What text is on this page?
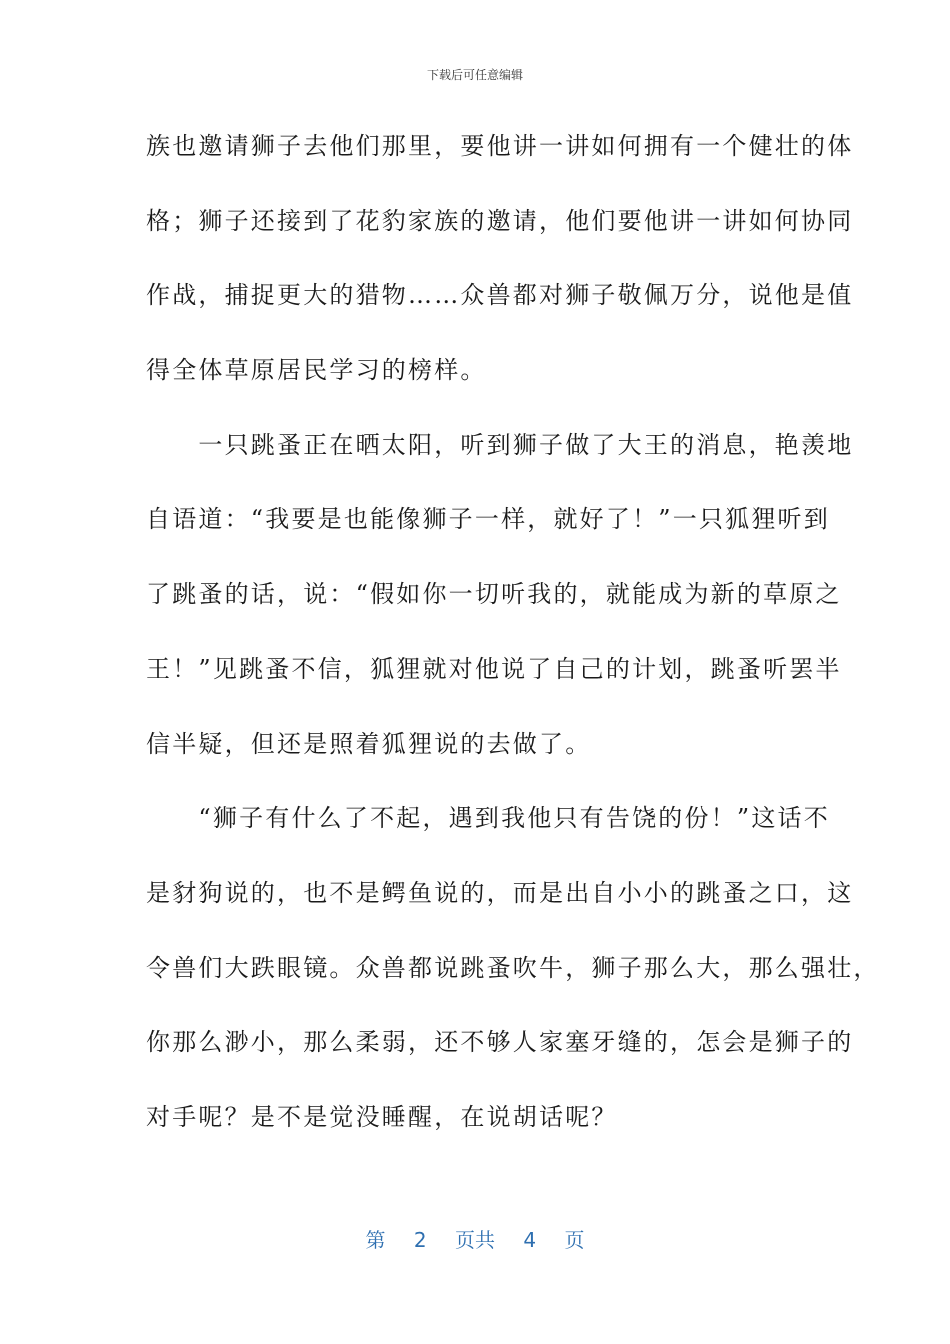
下载后可任意编辑
族也邀请狮子去他们那里，要他讲一讲如何拥有一个健壮的体
格；狮子还接到了花豹家族的邀请，他们要他讲一讲如何协同
作战，捕捉更大的猎物……众兽都对狮子敬佩万分，说他是值
得全体草原居民学习的榜样。
　　一只跳蚤正在晒太阳，听到狮子做了大王的消息，艳羡地
自语道：“我要是也能像狮子一样，就好了！”一只狐狸听到
了跳蚤的话，说：“假如你一切听我的，就能成为新的草原之
王！”见跳蚤不信，狐狸就对他说了自己的计划，跳蚤听罢半
信半疑，但还是照着狐狸说的去做了。
　　“狮子有什么了不起，遇到我他只有告饶的份！”这话不
是豺狗说的，也不是鳄鱼说的，而是出自小小的跳蚤之口，这
令兽们大跌眼镜。众兽都说跳蚤吹牛，狮子那么大，那么强壮，
你那么渺小，那么柔弱，还不够人家塞牙缝的，怎会是狮子的
对手呢？是不是觉没睡醒，在说胡话呢？
第 2 页共 4 页
